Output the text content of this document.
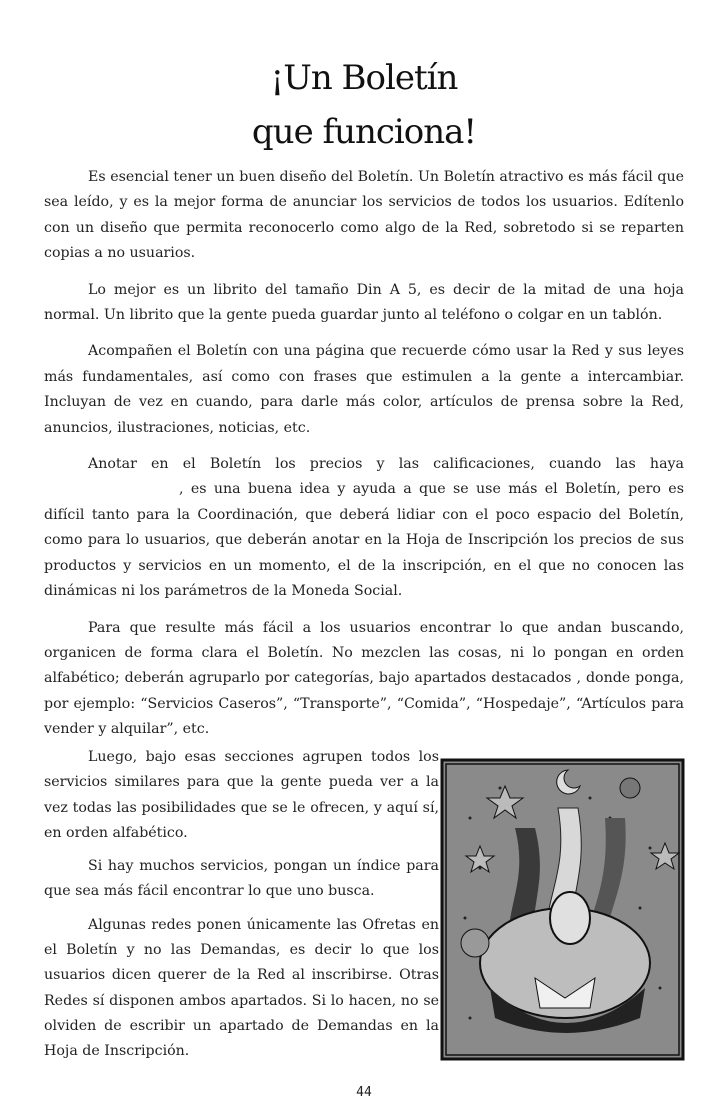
¡Un Boletín
que funciona!

Es esencial tener un buen diseño del Boletín. Un Boletín atractivo es más fácil que sea leído, y es la mejor forma de anunciar los servicios de todos los usuarios. Edítenlo con un diseño que permita reconocerlo como algo de la Red, sobretodo si se reparten copias a no usuarios.

Lo mejor es un librito del tamaño Din A 5, es decir de la mitad de una hoja normal. Un librito que la gente pueda guardar junto al teléfono o colgar en un tablón.

Acompañen el Boletín con una página que recuerde cómo usar la Red y sus leyes más fundamentales, así como con frases que estimulen a la gente a intercambiar. Incluyan de vez en cuando, para darle más color, artículos de prensa sobre la Red, anuncios, ilustraciones, noticias, etc.

Anotar en el Boletín los precios y las calificaciones, cuando las haya, es una buena idea y ayuda a que se use más el Boletín, pero es difícil tanto para la Coordinación, que deberá lidiar con el poco espacio del Boletín, como para lo usuarios, que deberán anotar en la Hoja de Inscripción los precios de sus productos y servicios en un momento, el de la inscripción, en el que no conocen las dinámicas ni los parámetros de la Moneda Social.

Para que resulte más fácil a los usuarios encontrar lo que andan buscando, organicen de forma clara el Boletín. No mezclen las cosas, ni lo pongan en orden alfabético; deberán agruparlo por categorías, bajo apartados destacados , donde ponga, por ejemplo: “Servicios Caseros”, “Transporte”, “Comida”, “Hospedaje”, “Artículos para vender y alquilar”, etc.

Luego, bajo esas secciones agrupen todos los servicios similares para que la gente pueda ver a la vez todas las posibilidades que se le ofrecen, y aquí sí, en orden alfabético.

Si hay muchos servicios, pongan un índice para que sea más fácil encontrar lo que uno busca.

Algunas redes ponen únicamente las Ofretas en el Boletín y no las Demandas, es decir lo que los usuarios dicen querer de la Red al inscribirse. Otras Redes sí disponen ambos apartados. Si lo hacen, no se olviden de escribir un apartado de Demandas en la Hoja de Inscripción.

44
